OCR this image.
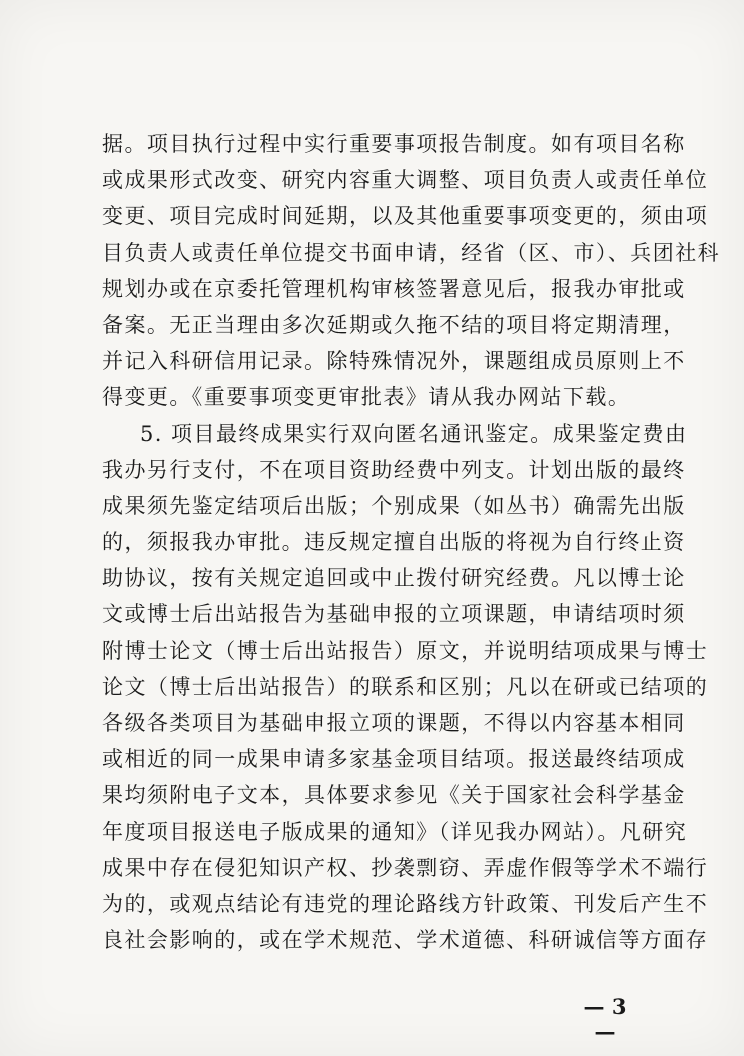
据。项目执行过程中实行重要事项报告制度。如有项目名称
或成果形式改变、研究内容重大调整、项目负责人或责任单位
变更、项目完成时间延期，以及其他重要事项变更的，须由项
目负责人或责任单位提交书面申请，经省（区、市）、兵团社科
规划办或在京委托管理机构审核签署意见后，报我办审批或
备案。无正当理由多次延期或久拖不结的项目将定期清理，
并记入科研信用记录。除特殊情况外，课题组成员原则上不
得变更。《重要事项变更审批表》请从我办网站下载。
5. 项目最终成果实行双向匿名通讯鉴定。成果鉴定费由
我办另行支付，不在项目资助经费中列支。计划出版的最终
成果须先鉴定结项后出版；个别成果（如丛书）确需先出版
的，须报我办审批。违反规定擅自出版的将视为自行终止资
助协议，按有关规定追回或中止拨付研究经费。凡以博士论
文或博士后出站报告为基础申报的立项课题，申请结项时须
附博士论文（博士后出站报告）原文，并说明结项成果与博士
论文（博士后出站报告）的联系和区别；凡以在研或已结项的
各级各类项目为基础申报立项的课题，不得以内容基本相同
或相近的同一成果申请多家基金项目结项。报送最终结项成
果均须附电子文本，具体要求参见《关于国家社会科学基金
年度项目报送电子版成果的通知》（详见我办网站）。凡研究
成果中存在侵犯知识产权、抄袭剽窃、弄虚作假等学术不端行
为的，或观点结论有违党的理论路线方针政策、刊发后产生不
良社会影响的，或在学术规范、学术道德、科研诚信等方面存
— 3 —
